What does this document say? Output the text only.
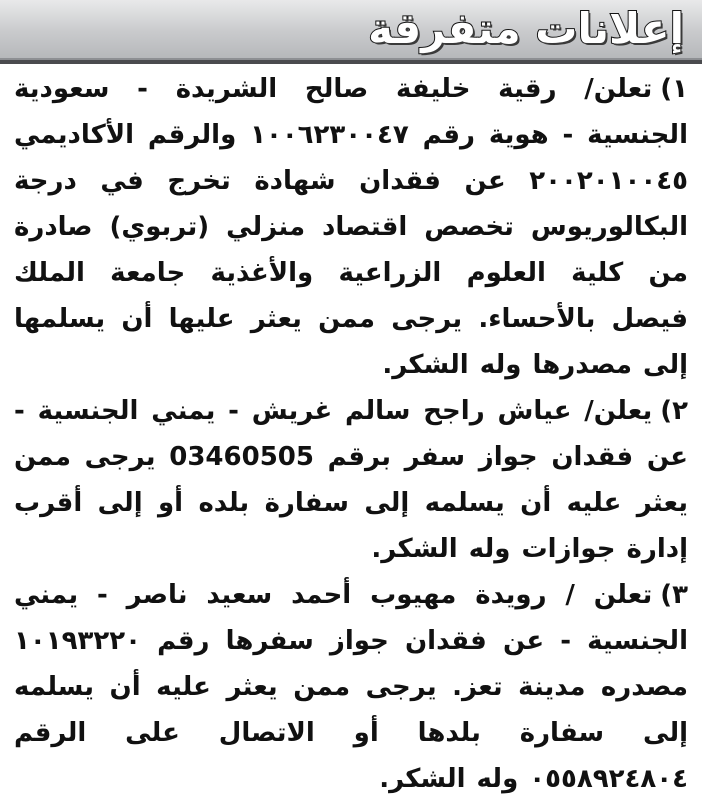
إعلانات متفرقة
١)تعلن/ رقية خليفة صالح الشريدة - سعودية الجنسية - هوية رقم ١٠٠٦٢٣٠٠٤٧ والرقم الأكاديمي ٢٠٠٢٠١٠٠٤٥ عن فقدان شهادة تخرج في درجة البكالوريوس تخصص اقتصاد منزلي (تربوي) صادرة من كلية العلوم الزراعية والأغذية جامعة الملك فيصل بالأحساء. يرجى ممن يعثر عليها أن يسلمها إلى مصدرها وله الشكر.
٢)يعلن/ عياش راجح سالم غريش - يمني الجنسية - عن فقدان جواز سفر برقم 03460505 يرجى ممن يعثر عليه أن يسلمه إلى سفارة بلده أو إلى أقرب إدارة جوازات وله الشكر.
٣)تعلن / رويدة مهيوب أحمد سعيد ناصر - يمني الجنسية - عن فقدان جواز سفرها رقم ١٠١٩٣٢٢٠ مصدره مدينة تعز. يرجى ممن يعثر عليه أن يسلمه إلى سفارة بلدها أو الاتصال على الرقم ٠٥٥٨٩٢٤٨٠٤ وله الشكر.
